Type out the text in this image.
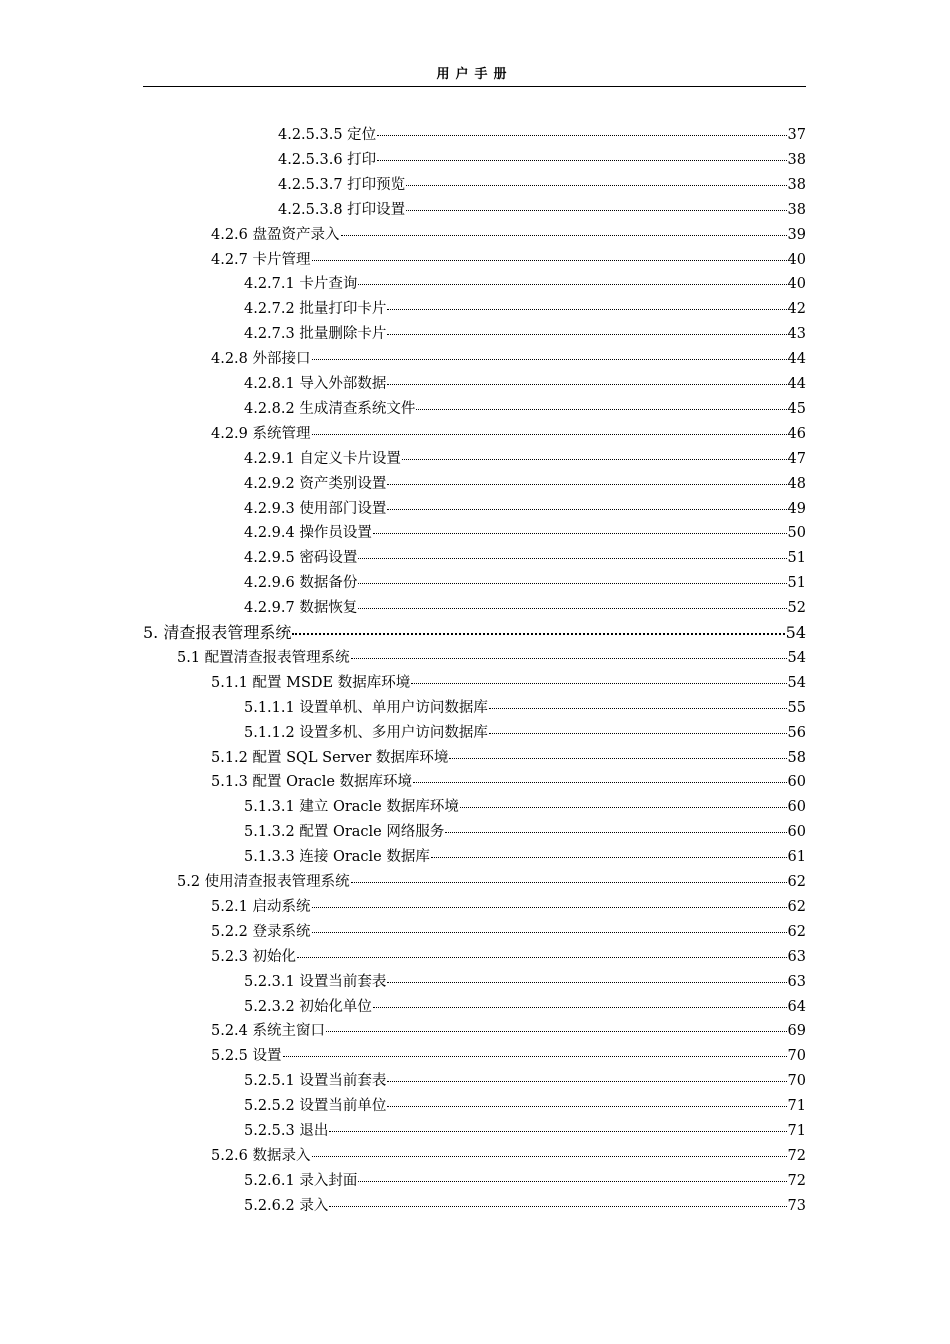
用户手册
4.2.5.3.5 定位	37
4.2.5.3.6 打印	38
4.2.5.3.7 打印预览	38
4.2.5.3.8 打印设置	38
4.2.6 盘盈资产录入	39
4.2.7 卡片管理	40
4.2.7.1 卡片查询	40
4.2.7.2 批量打印卡片	42
4.2.7.3 批量删除卡片	43
4.2.8 外部接口	44
4.2.8.1 导入外部数据	44
4.2.8.2 生成清查系统文件	45
4.2.9 系统管理	46
4.2.9.1 自定义卡片设置	47
4.2.9.2 资产类别设置	48
4.2.9.3 使用部门设置	49
4.2.9.4 操作员设置	50
4.2.9.5 密码设置	51
4.2.9.6 数据备份	51
4.2.9.7 数据恢复	52
5. 清查报表管理系统	54
5.1 配置清查报表管理系统	54
5.1.1 配置 MSDE 数据库环境	54
5.1.1.1 设置单机、单用户访问数据库	55
5.1.1.2 设置多机、多用户访问数据库	56
5.1.2 配置 SQL Server 数据库环境	58
5.1.3 配置 Oracle 数据库环境	60
5.1.3.1 建立 Oracle 数据库环境	60
5.1.3.2 配置 Oracle 网络服务	60
5.1.3.3 连接 Oracle 数据库	61
5.2 使用清查报表管理系统	62
5.2.1 启动系统	62
5.2.2 登录系统	62
5.2.3 初始化	63
5.2.3.1 设置当前套表	63
5.2.3.2 初始化单位	64
5.2.4 系统主窗口	69
5.2.5 设置	70
5.2.5.1 设置当前套表	70
5.2.5.2 设置当前单位	71
5.2.5.3 退出	71
5.2.6 数据录入	72
5.2.6.1 录入封面	72
5.2.6.2 录入	73
